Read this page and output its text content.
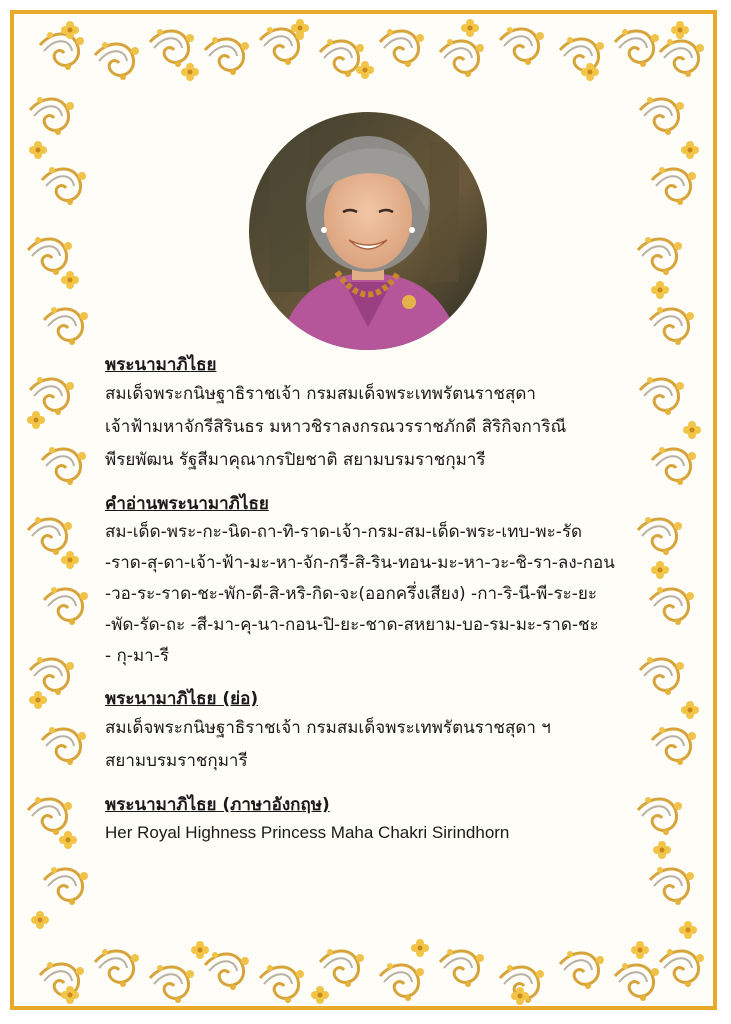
พระนามาภิไธย

สมเด็จพระกนิษฐาธิราชเจ้า กรมสมเด็จพระเทพรัตนราชสุดา

เจ้าฟ้ามหาจักรีสิรินธร มหาวชิราลงกรณวรราชภักดี สิริกิจการิณี

พีรยพัฒน รัฐสีมาคุณากรปิยชาติ สยามบรมราชกุมารี

คำอ่านพระนามาภิไธย

สม-เด็ด-พระ-กะ-นิด-ถา-ทิ-ราด-เจ้า-กรม-สม-เด็ด-พระ-เทบ-พะ-รัด

-ราด-สุ-ดา-เจ้า-ฟ้า-มะ-หา-จัก-กรี-สิ-ริน-ทอน-มะ-หา-วะ-ชิ-รา-ลง-กอน

-วอ-ระ-ราด-ชะ-พัก-ดี-สิ-หริ-กิด-จะ(ออกครึ่งเสียง) -กา-ริ-นี-พี-ระ-ยะ

-พัด-รัด-ถะ -สี-มา-คุ-นา-กอน-ปิ-ยะ-ชาด-สหยาม-บอ-รม-มะ-ราด-ชะ

- กุ-มา-รี

พระนามาภิไธย (ย่อ)

สมเด็จพระกนิษฐาธิราชเจ้า กรมสมเด็จพระเทพรัตนราชสุดา ฯ

สยามบรมราชกุมารี

พระนามาภิไธย (ภาษาอังกฤษ)

Her Royal Highness Princess Maha Chakri Sirindhorn
